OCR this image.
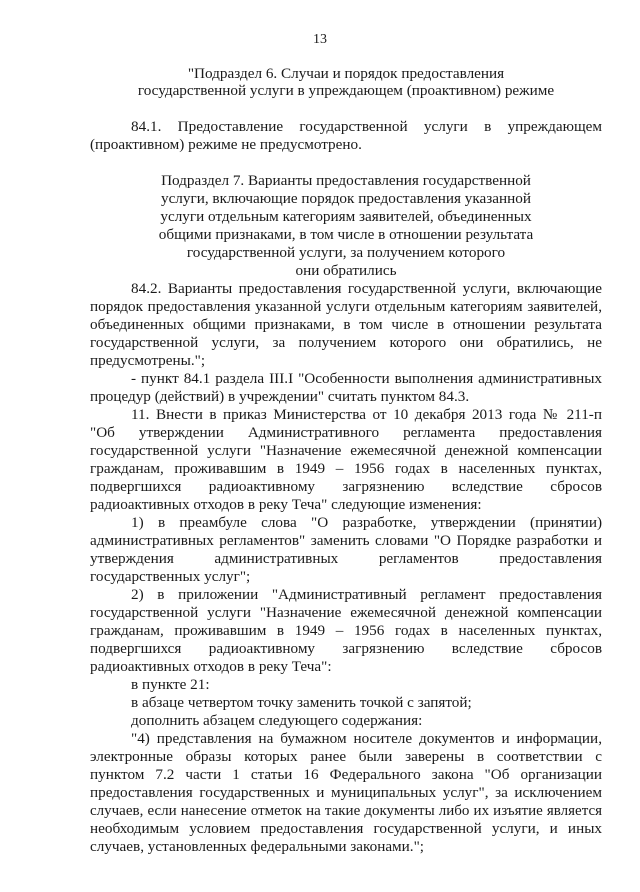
13
"Подраздел 6. Случаи и порядок предоставления
государственной услуги в упреждающем (проактивном) режиме
84.1. Предоставление государственной услуги в упреждающем
(проактивном) режиме не предусмотрено.
Подраздел 7. Варианты предоставления государственной
услуги, включающие порядок предоставления указанной
услуги отдельным категориям заявителей, объединенных
общими признаками, в том числе в отношении результата
государственной услуги, за получением которого
они обратились
84.2. Варианты предоставления государственной услуги, включающие
порядок предоставления указанной услуги отдельным категориям заявителей,
объединенных общими признаками, в том числе в отношении результата
государственной услуги, за получением которого они обратились, не
предусмотрены.";
- пункт 84.1 раздела III.I "Особенности выполнения административных
процедур (действий) в учреждении" считать пунктом 84.3.
11. Внести в приказ Министерства от 10 декабря 2013 года № 211-п
"Об утверждении Административного регламента предоставления
государственной услуги "Назначение ежемесячной денежной компенсации
гражданам, проживавшим в 1949 – 1956 годах в населенных пунктах,
подвергшихся радиоактивному загрязнению вследствие сбросов
радиоактивных отходов в реку Теча" следующие изменения:
1) в преамбуле слова "О разработке, утверждении (принятии)
административных регламентов" заменить словами "О Порядке разработки и
утверждения административных регламентов предоставления
государственных услуг";
2) в приложении "Административный регламент предоставления
государственной услуги "Назначение ежемесячной денежной компенсации
гражданам, проживавшим в 1949 – 1956 годах в населенных пунктах,
подвергшихся радиоактивному загрязнению вследствие сбросов
радиоактивных отходов в реку Теча":
в пункте 21:
в абзаце четвертом точку заменить точкой с запятой;
дополнить абзацем следующего содержания:
"4) представления на бумажном носителе документов и информации,
электронные образы которых ранее были заверены в соответствии с
пунктом 7.2 части 1 статьи 16 Федерального закона "Об организации
предоставления государственных и муниципальных услуг", за исключением
случаев, если нанесение отметок на такие документы либо их изъятие является
необходимым условием предоставления государственной услуги, и иных
случаев, установленных федеральными законами.";
